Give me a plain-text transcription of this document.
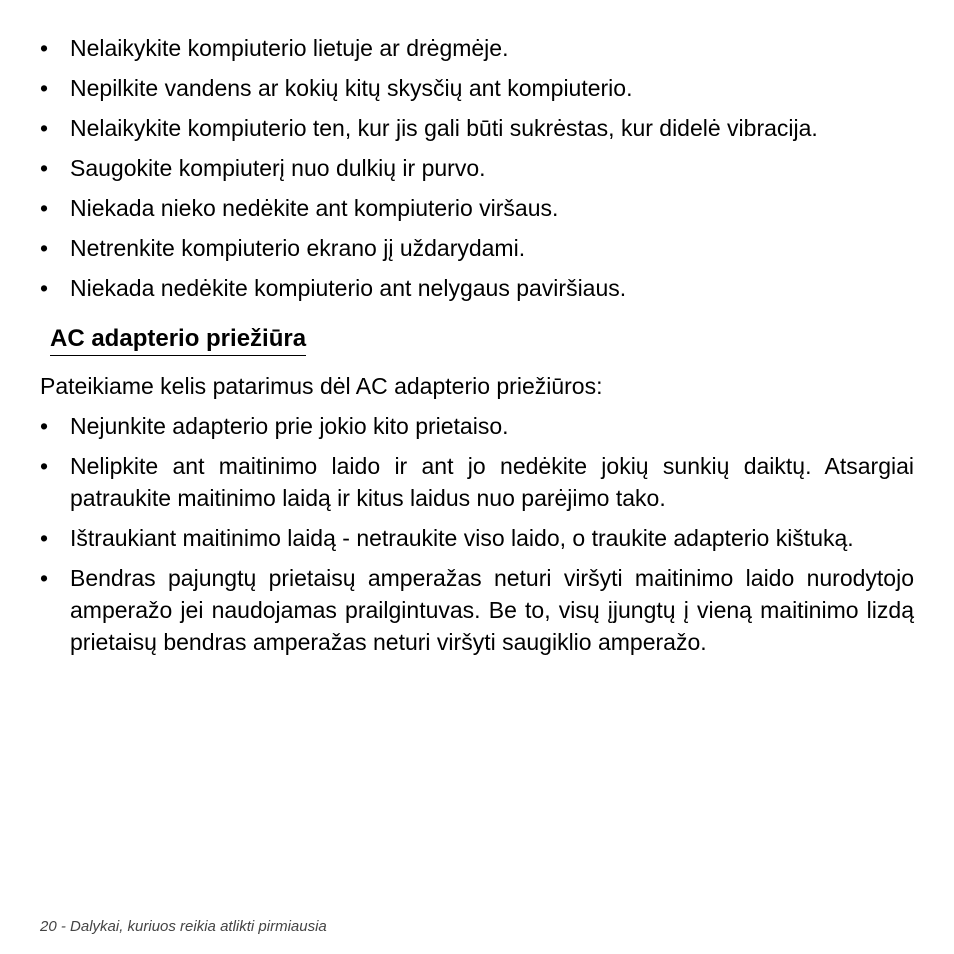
• Nelaikykite kompiuterio lietuje ar drėgmėje.
• Nepilkite vandens ar kokių kitų skysčių ant kompiuterio.
• Nelaikykite kompiuterio ten, kur jis gali būti sukrėstas, kur didelė vibracija.
• Saugokite kompiuterį nuo dulkių ir purvo.
• Niekada nieko nedėkite ant kompiuterio viršaus.
• Netrenkite kompiuterio ekrano jį uždarydami.
• Niekada nedėkite kompiuterio ant nelygaus paviršiaus.
AC adapterio priežiūra
Pateikiame kelis patarimus dėl AC adapterio priežiūros:
• Nejunkite adapterio prie jokio kito prietaiso.
• Nelipkite ant maitinimo laido ir ant jo nedėkite jokių sunkių daiktų. Atsargiai patraukite maitinimo laidą ir kitus laidus nuo parėjimo tako.
• Ištraukiant maitinimo laidą - netraukite viso laido, o traukite adapterio kištuką.
• Bendras pajungtų prietaisų amperažas neturi viršyti maitinimo laido nurodytojo amperažo jei naudojamas prailgintuvas. Be to, visų įjungtų į vieną maitinimo lizdą prietaisų bendras amperažas neturi viršyti saugiklio amperažo.
20 - Dalykai, kuriuos reikia atlikti pirmiausia
